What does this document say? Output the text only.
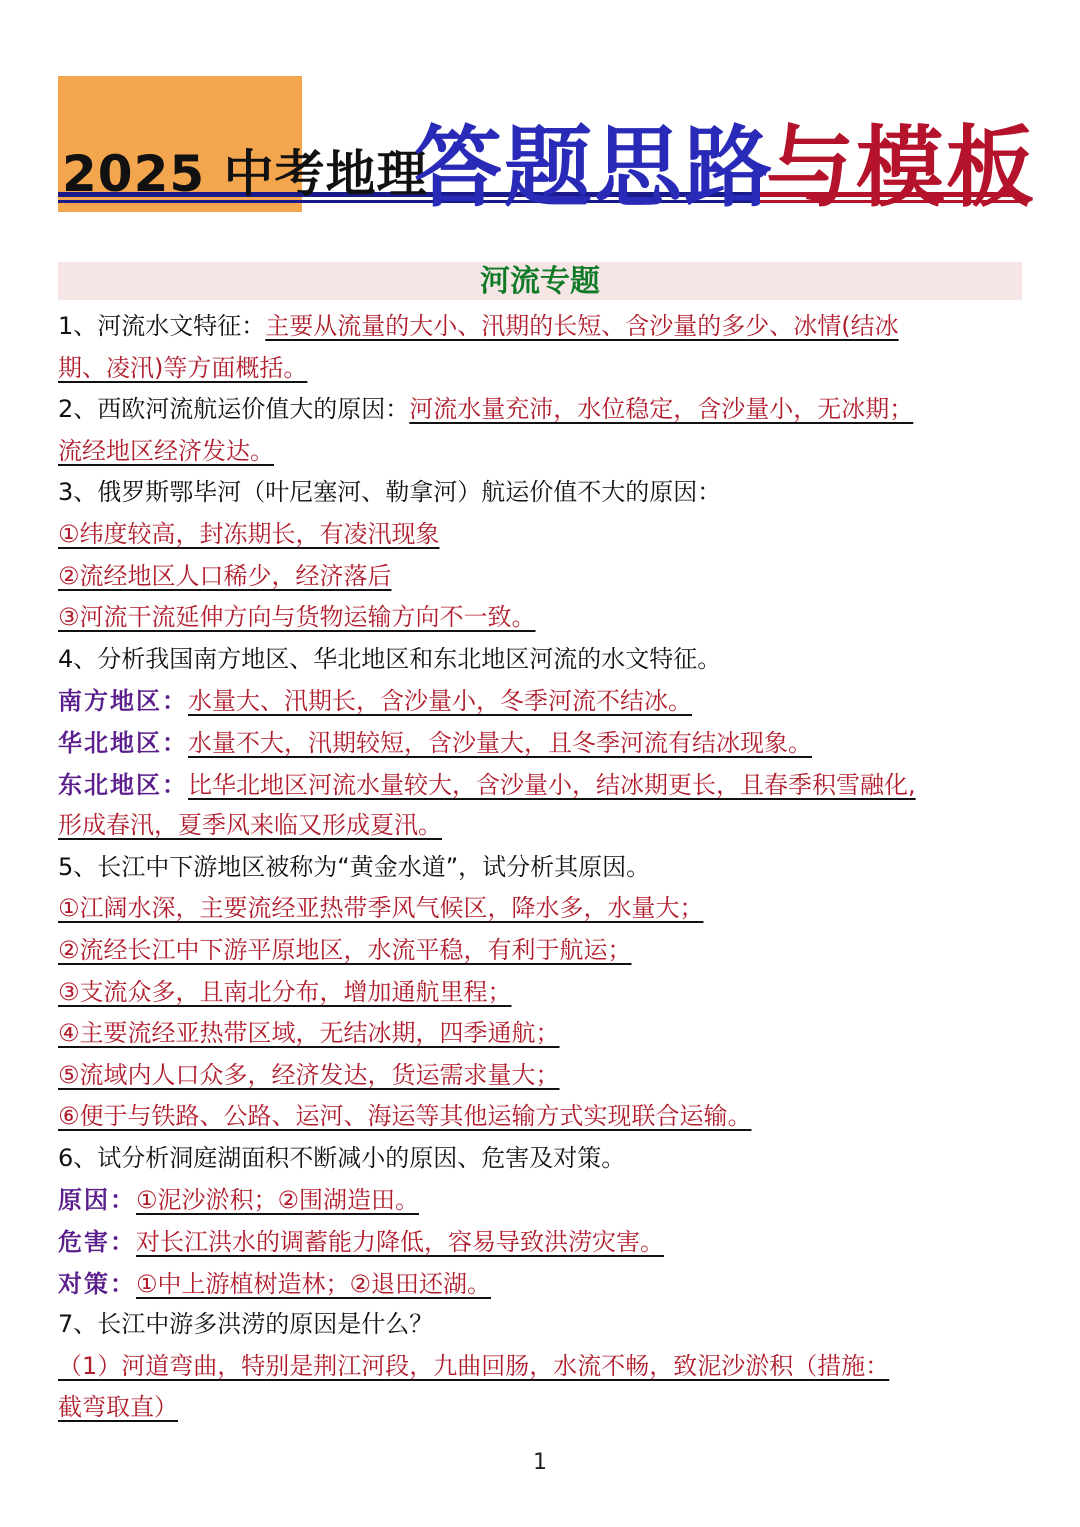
2025 中考地理
答题思路
与模板
河流专题
1、河流水文特征：主要从流量的大小、汛期的长短、含沙量的多少、冰情(结冰
期、凌汛)等方面概括。
2、西欧河流航运价值大的原因：河流水量充沛，水位稳定，含沙量小，无冰期；
流经地区经济发达。
3、俄罗斯鄂毕河（叶尼塞河、勒拿河）航运价值不大的原因：
①纬度较高，封冻期长，有凌汛现象
②流经地区人口稀少，经济落后
③河流干流延伸方向与货物运输方向不一致。
4、分析我国南方地区、华北地区和东北地区河流的水文特征。
南方地区：水量大、汛期长，含沙量小，冬季河流不结冰。
华北地区：水量不大，汛期较短，含沙量大，且冬季河流有结冰现象。
东北地区：比华北地区河流水量较大，含沙量小，结冰期更长，且春季积雪融化,
形成春汛，夏季风来临又形成夏汛。
5、长江中下游地区被称为“黄金水道”，试分析其原因。
①江阔水深，主要流经亚热带季风气候区，降水多，水量大；
②流经长江中下游平原地区，水流平稳，有利于航运；
③支流众多，且南北分布，增加通航里程；
④主要流经亚热带区域，无结冰期，四季通航；
⑤流域内人口众多，经济发达，货运需求量大；
⑥便于与铁路、公路、运河、海运等其他运输方式实现联合运输。
6、试分析洞庭湖面积不断减小的原因、危害及对策。
原因：①泥沙淤积；②围湖造田。
危害：对长江洪水的调蓄能力降低，容易导致洪涝灾害。
对策：①中上游植树造林；②退田还湖。
7、长江中游多洪涝的原因是什么？
（1）河道弯曲，特别是荆江河段，九曲回肠，水流不畅，致泥沙淤积（措施：
截弯取直）
1
